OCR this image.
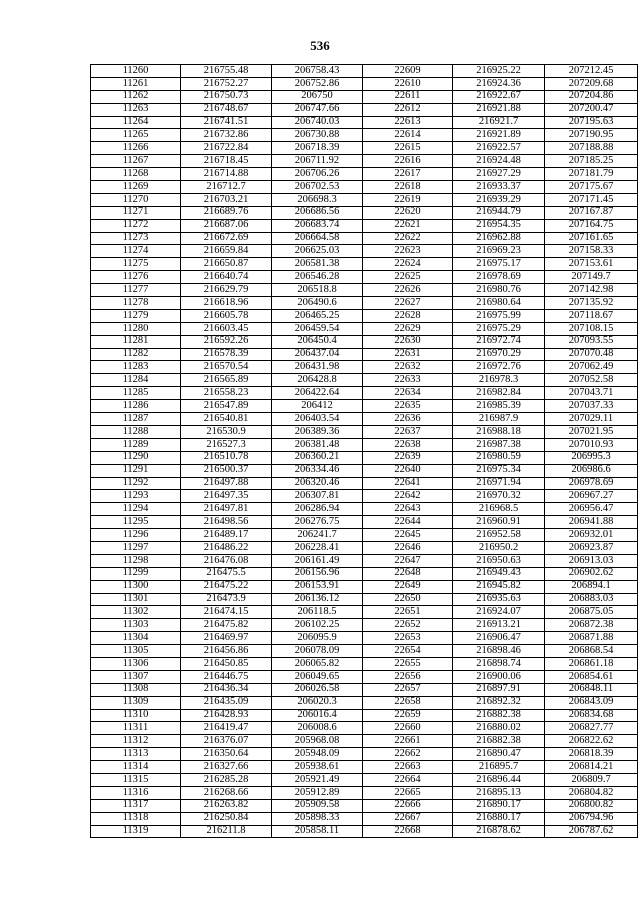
536
11260	216755.48	206758.43	22609	216925.22	207212.45
11261	216752.27	206752.86	22610	216924.36	207209.68
11262	216750.73	206750	22611	216922.67	207204.86
11263	216748.67	206747.66	22612	216921.88	207200.47
11264	216741.51	206740.03	22613	216921.7	207195.63
11265	216732.86	206730.88	22614	216921.89	207190.95
11266	216722.84	206718.39	22615	216922.57	207188.88
11267	216718.45	206711.92	22616	216924.48	207185.25
11268	216714.88	206706.26	22617	216927.29	207181.79
11269	216712.7	206702.53	22618	216933.37	207175.67
11270	216703.21	206698.3	22619	216939.29	207171.45
11271	216689.76	206686.56	22620	216944.79	207167.87
11272	216687.06	206683.74	22621	216954.35	207164.75
11273	216672.69	206664.58	22622	216962.88	207161.65
11274	216659.84	206625.03	22623	216969.23	207158.33
11275	216650.87	206581.38	22624	216975.17	207153.61
11276	216640.74	206546.28	22625	216978.69	207149.7
11277	216629.79	206518.8	22626	216980.76	207142.98
11278	216618.96	206490.6	22627	216980.64	207135.92
11279	216605.78	206465.25	22628	216975.99	207118.67
11280	216603.45	206459.54	22629	216975.29	207108.15
11281	216592.26	206450.4	22630	216972.74	207093.55
11282	216578.39	206437.04	22631	216970.29	207070.48
11283	216570.54	206431.98	22632	216972.76	207062.49
11284	216565.89	206428.8	22633	216978.3	207052.58
11285	216558.23	206422.64	22634	216982.84	207043.71
11286	216547.89	206412	22635	216985.39	207037.33
11287	216540.81	206403.54	22636	216987.9	207029.11
11288	216530.9	206389.36	22637	216988.18	207021.95
11289	216527.3	206381.48	22638	216987.38	207010.93
11290	216510.78	206360.21	22639	216980.59	206995.3
11291	216500.37	206334.46	22640	216975.34	206986.6
11292	216497.88	206320.46	22641	216971.94	206978.69
11293	216497.35	206307.81	22642	216970.32	206967.27
11294	216497.81	206286.94	22643	216968.5	206956.47
11295	216498.56	206276.75	22644	216960.91	206941.88
11296	216489.17	206241.7	22645	216952.58	206932.01
11297	216486.22	206228.41	22646	216950.2	206923.87
11298	216476.08	206161.49	22647	216950.63	206913.03
11299	216475.5	206156.96	22648	216949.43	206902.62
11300	216475.22	206153.91	22649	216945.82	206894.1
11301	216473.9	206136.12	22650	216935.63	206883.03
11302	216474.15	206118.5	22651	216924.07	206875.05
11303	216475.82	206102.25	22652	216913.21	206872.38
11304	216469.97	206095.9	22653	216906.47	206871.88
11305	216456.86	206078.09	22654	216898.46	206868.54
11306	216450.85	206065.82	22655	216898.74	206861.18
11307	216446.75	206049.65	22656	216900.06	206854.61
11308	216436.34	206026.58	22657	216897.91	206848.11
11309	216435.09	206020.3	22658	216892.32	206843.09
11310	216428.93	206016.4	22659	216882.38	206834.68
11311	216419.47	206008.6	22660	216880.02	206827.77
11312	216376.07	205968.08	22661	216882.38	206822.62
11313	216350.64	205948.09	22662	216890.47	206818.39
11314	216327.66	205938.61	22663	216895.7	206814.21
11315	216285.28	205921.49	22664	216896.44	206809.7
11316	216268.66	205912.89	22665	216895.13	206804.82
11317	216263.82	205909.58	22666	216890.17	206800.82
11318	216250.84	205898.33	22667	216880.17	206794.96
11319	216211.8	205858.11	22668	216878.62	206787.62
